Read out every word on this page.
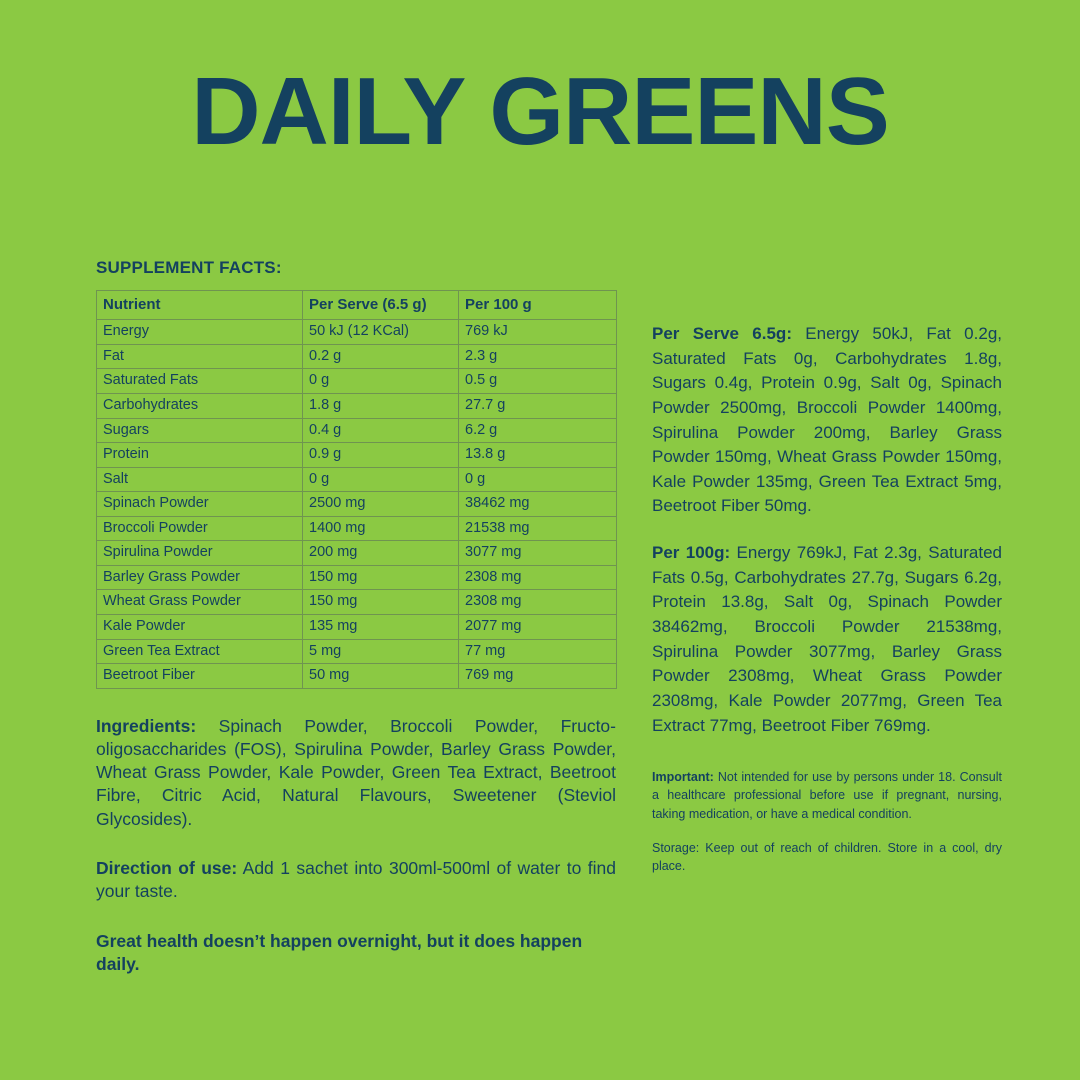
DAILY GREENS
SUPPLEMENT FACTS:
Nutrient	Per Serve (6.5 g)	Per 100 g
Energy	50 kJ (12 KCal)	769 kJ
Fat	0.2 g	2.3 g
Saturated Fats	0 g	0.5 g
Carbohydrates	1.8 g	27.7 g
Sugars	0.4 g	6.2 g
Protein	0.9 g	13.8 g
Salt	0 g	0 g
Spinach Powder	2500 mg	38462 mg
Broccoli Powder	1400 mg	21538 mg
Spirulina Powder	200 mg	3077 mg
Barley Grass Powder	150 mg	2308 mg
Wheat Grass Powder	150 mg	2308 mg
Kale Powder	135 mg	2077 mg
Green Tea Extract	5 mg	77 mg
Beetroot Fiber	50 mg	769 mg
Ingredients: Spinach Powder, Broccoli Powder, Fructo-oligosaccharides (FOS), Spirulina Powder, Barley Grass Powder, Wheat Grass Powder, Kale Powder, Green Tea Extract, Beetroot Fibre, Citric Acid, Natural Flavours, Sweetener (Steviol Glycosides).
Direction of use: Add 1 sachet into 300ml-500ml of water to find your taste.
Great health doesn’t happen overnight, but it does happen daily.
Per Serve 6.5g: Energy 50kJ, Fat 0.2g, Saturated Fats 0g, Carbohydrates 1.8g, Sugars 0.4g, Protein 0.9g, Salt 0g, Spinach Powder 2500mg, Broccoli Powder 1400mg, Spirulina Powder 200mg, Barley Grass Powder 150mg, Wheat Grass Powder 150mg, Kale Powder 135mg, Green Tea Extract 5mg, Beetroot Fiber 50mg.
Per 100g: Energy 769kJ, Fat 2.3g, Saturated Fats 0.5g, Carbohydrates 27.7g, Sugars 6.2g, Protein 13.8g, Salt 0g, Spinach Powder 38462mg, Broccoli Powder 21538mg, Spirulina Powder 3077mg, Barley Grass Powder 2308mg, Wheat Grass Powder 2308mg, Kale Powder 2077mg, Green Tea Extract 77mg, Beetroot Fiber 769mg.
Important: Not intended for use by persons under 18. Consult a healthcare professional before use if pregnant, nursing, taking medication, or have a medical condition.
Storage: Keep out of reach of children. Store in a cool, dry place.
